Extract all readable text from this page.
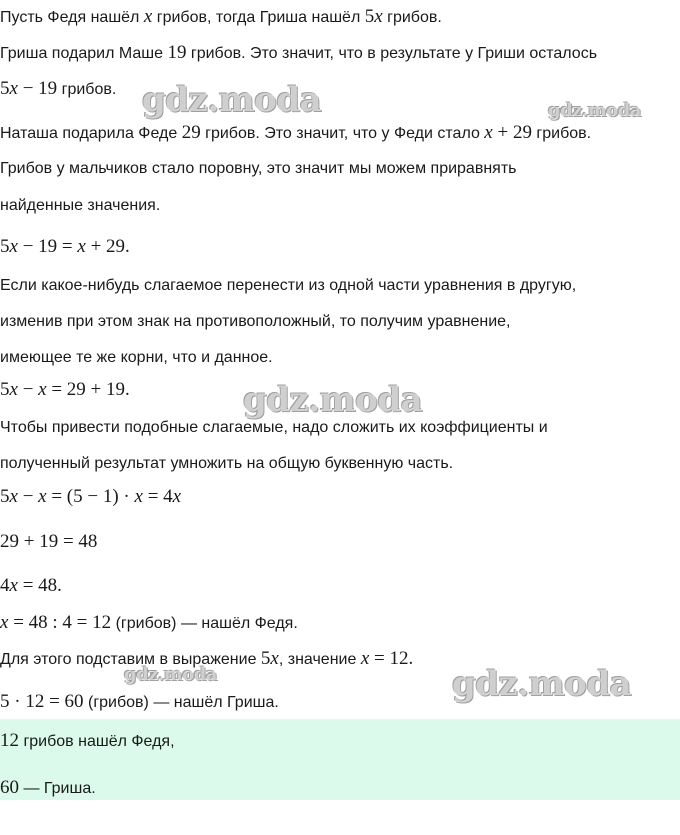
Пусть Федя нашёл x грибов, тогда Гриша нашёл 5x грибов.
Гриша подарил Маше 19 грибов. Это значит, что в результате у Гриши осталось
5x − 19 грибов.
Наташа подарила Феде 29 грибов. Это значит, что у Феди стало x + 29 грибов.
Грибов у мальчиков стало поровну, это значит мы можем приравнять
найденные значения.
5x − 19 = x + 29.
Если какое-нибудь слагаемое перенести из одной части уравнения в другую,
изменив при этом знак на противоположный, то получим уравнение,
имеющее те же корни, что и данное.
5x − x = 29 + 19.
Чтобы привести подобные слагаемые, надо сложить их коэффициенты и
полученный результат умножить на общую буквенную часть.
5x − x = (5 − 1) · x = 4x
29 + 19 = 48
4x = 48.
x = 48 : 4 = 12 (грибов) — нашёл Федя.
Для этого подставим в выражение 5x, значение x = 12.
5 · 12 = 60 (грибов) — нашёл Гриша.
12 грибов нашёл Федя,
60 — Гриша.
gdz.moda	gdz.moda
gdz.moda
gdz.moda	gdz.moda
